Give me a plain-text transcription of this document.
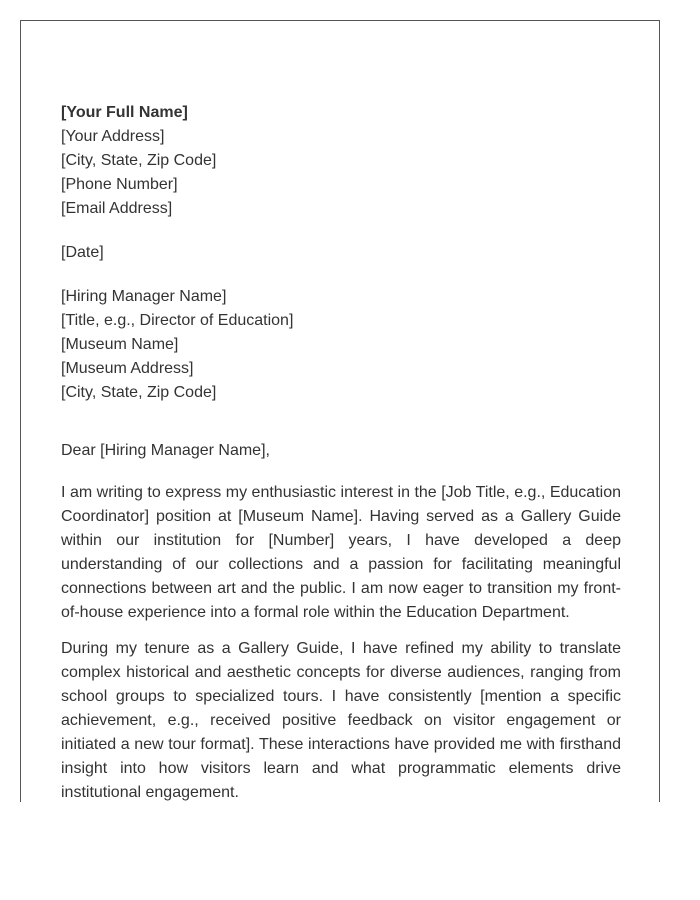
[Your Full Name]
[Your Address]
[City, State, Zip Code]
[Phone Number]
[Email Address]
[Date]
[Hiring Manager Name]
[Title, e.g., Director of Education]
[Museum Name]
[Museum Address]
[City, State, Zip Code]
Dear [Hiring Manager Name],

I am writing to express my enthusiastic interest in the [Job Title, e.g., Education Coordinator] position at [Museum Name]. Having served as a Gallery Guide within our institution for [Number] years, I have developed a deep understanding of our collections and a passion for facilitating meaningful connections between art and the public. I am now eager to transition my front-of-house experience into a formal role within the Education Department.

During my tenure as a Gallery Guide, I have refined my ability to translate complex historical and aesthetic concepts for diverse audiences, ranging from school groups to specialized tours. I have consistently [mention a specific achievement, e.g., received positive feedback on visitor engagement or initiated a new tour format]. These interactions have provided me with firsthand insight into how visitors learn and what programmatic elements drive institutional engagement.
